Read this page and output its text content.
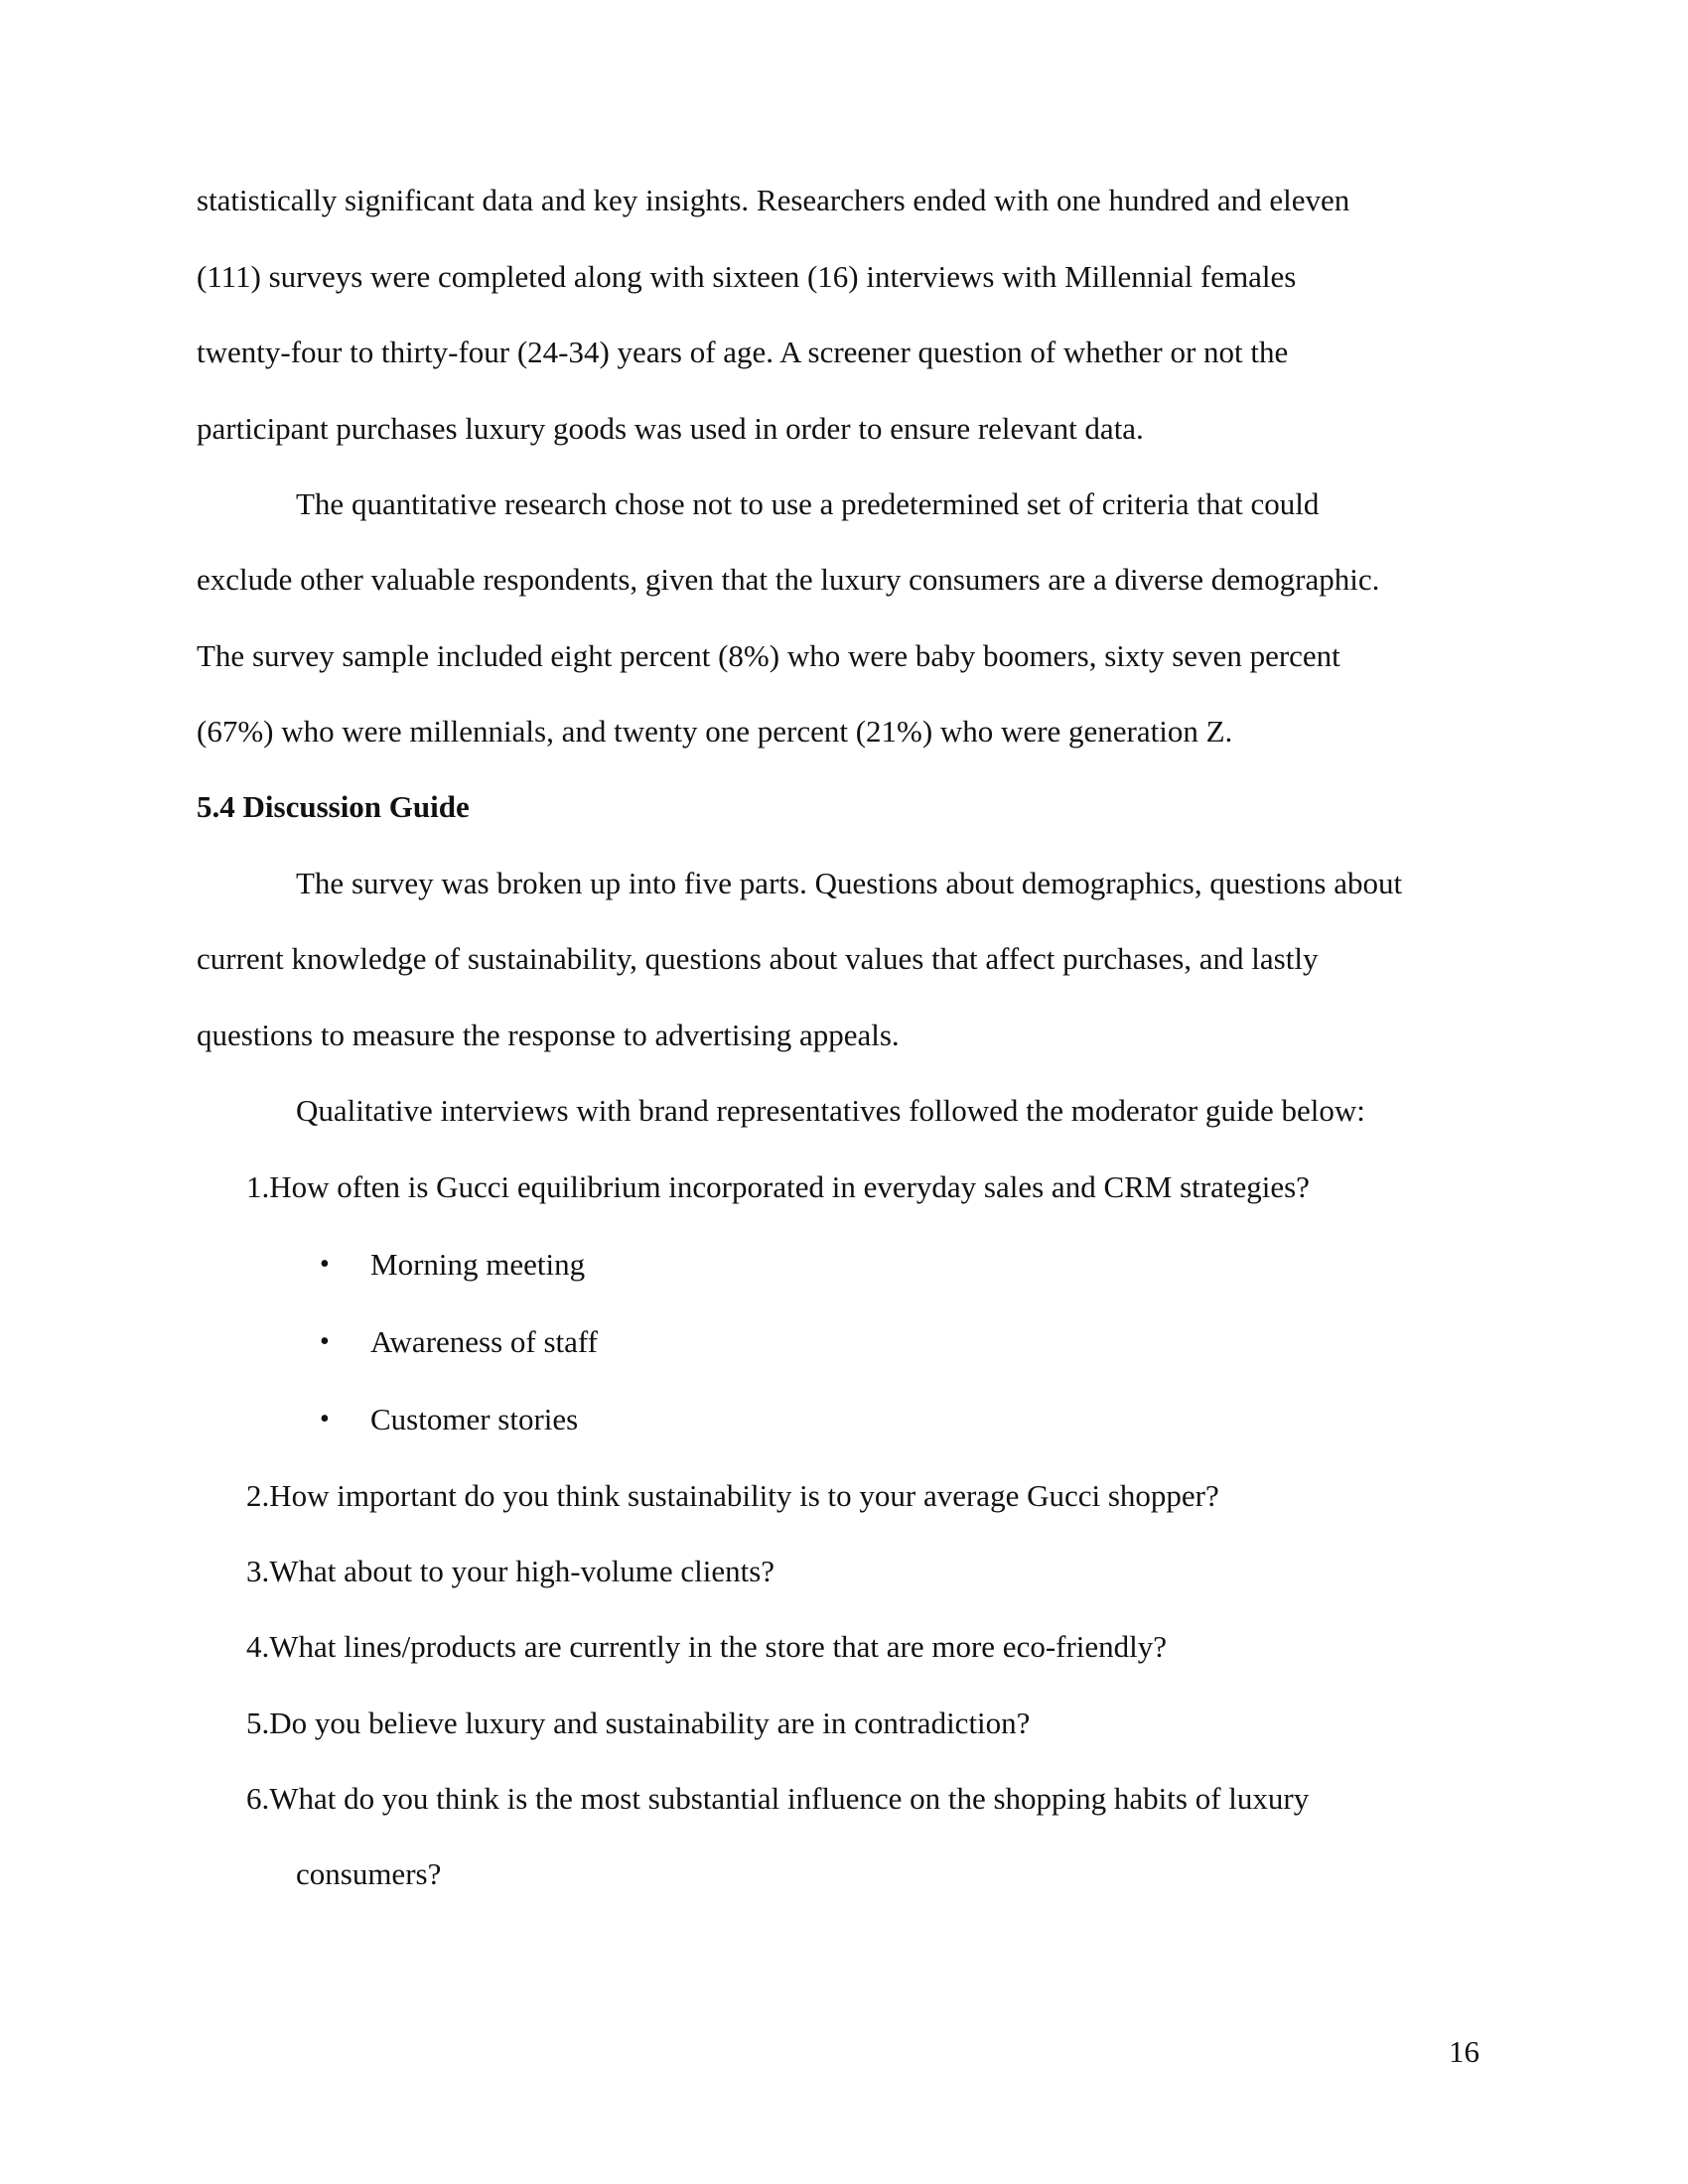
statistically significant data and key insights. Researchers ended with one hundred and eleven
(111) surveys were completed along with sixteen (16) interviews with Millennial females
twenty-four to thirty-four (24-34) years of age. A screener question of whether or not the
participant purchases luxury goods was used in order to ensure relevant data.
The quantitative research chose not to use a predetermined set of criteria that could
exclude other valuable respondents, given that the luxury consumers are a diverse demographic.
The survey sample included eight percent (8%) who were baby boomers, sixty seven percent
(67%) who were millennials, and twenty one percent (21%) who were generation Z.
5.4 Discussion Guide
The survey was broken up into five parts. Questions about demographics, questions about
current knowledge of sustainability, questions about values that affect purchases, and lastly
questions to measure the response to advertising appeals.
Qualitative interviews with brand representatives followed the moderator guide below:
1.How often is Gucci equilibrium incorporated in everyday sales and CRM strategies?
• Morning meeting
• Awareness of staff
• Customer stories
2.How important do you think sustainability is to your average Gucci shopper?
3.What about to your high-volume clients?
4.What lines/products are currently in the store that are more eco-friendly?
5.Do you believe luxury and sustainability are in contradiction?
6.What do you think is the most substantial influence on the shopping habits of luxury
consumers?
16
